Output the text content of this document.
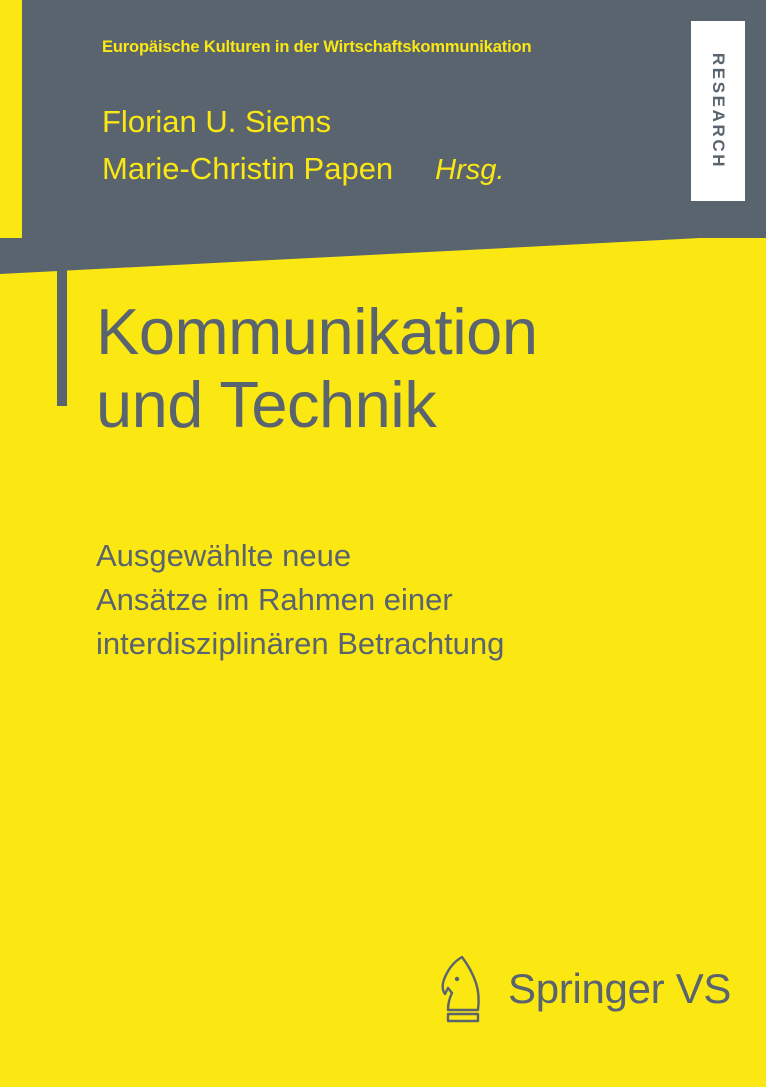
Europäische Kulturen in der Wirtschaftskommunikation
RESEARCH
Florian U. Siems
Marie-Christin Papen Hrsg.
Kommunikation
und Technik
Ausgewählte neue
Ansätze im Rahmen einer
interdisziplinären Betrachtung
Springer VS
